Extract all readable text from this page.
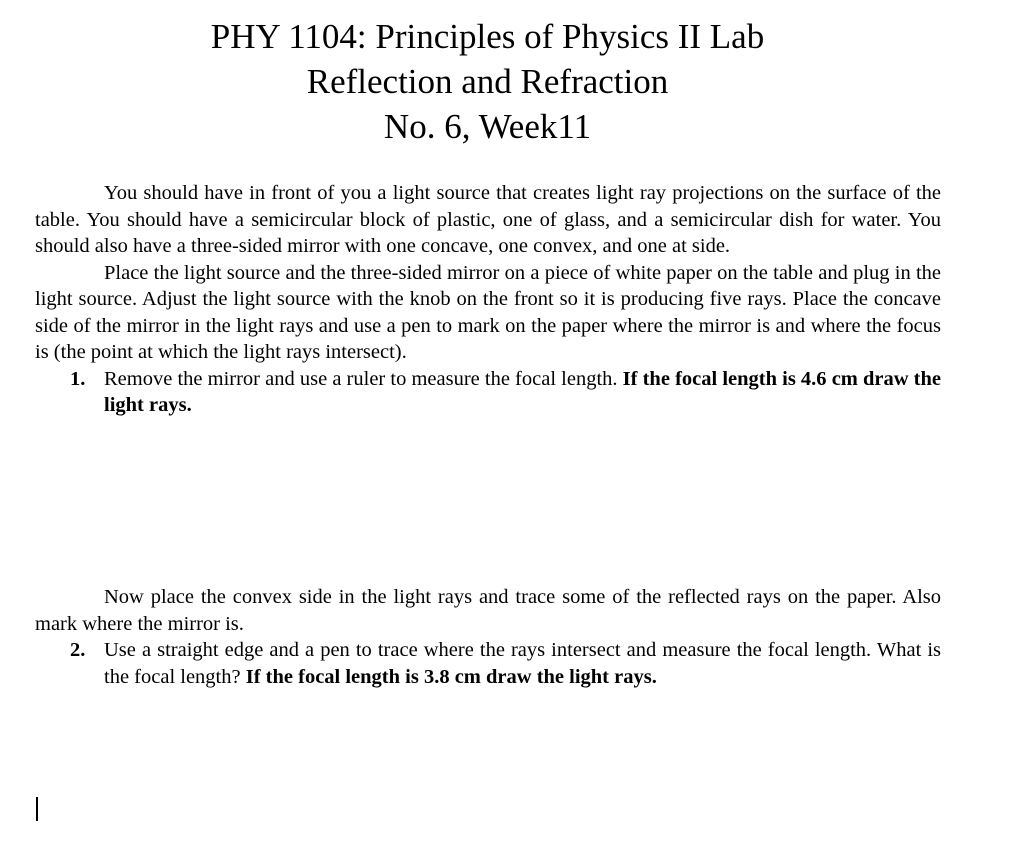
PHY 1104: Principles of Physics II Lab
Reflection and Refraction
No. 6, Week11

You should have in front of you a light source that creates light ray projections on the surface of the table. You should have a semicircular block of plastic, one of glass, and a semicircular dish for water. You should also have a three-sided mirror with one concave, one convex, and one at side.

Place the light source and the three-sided mirror on a piece of white paper on the table and plug in the light source. Adjust the light source with the knob on the front so it is producing five rays. Place the concave side of the mirror in the light rays and use a pen to mark on the paper where the mirror is and where the focus is (the point at which the light rays intersect).

1. Remove the mirror and use a ruler to measure the focal length. If the focal length is 4.6 cm draw the light rays.

Now place the convex side in the light rays and trace some of the reflected rays on the paper. Also mark where the mirror is.

2. Use a straight edge and a pen to trace where the rays intersect and measure the focal length. What is the focal length? If the focal length is 3.8 cm draw the light rays.
